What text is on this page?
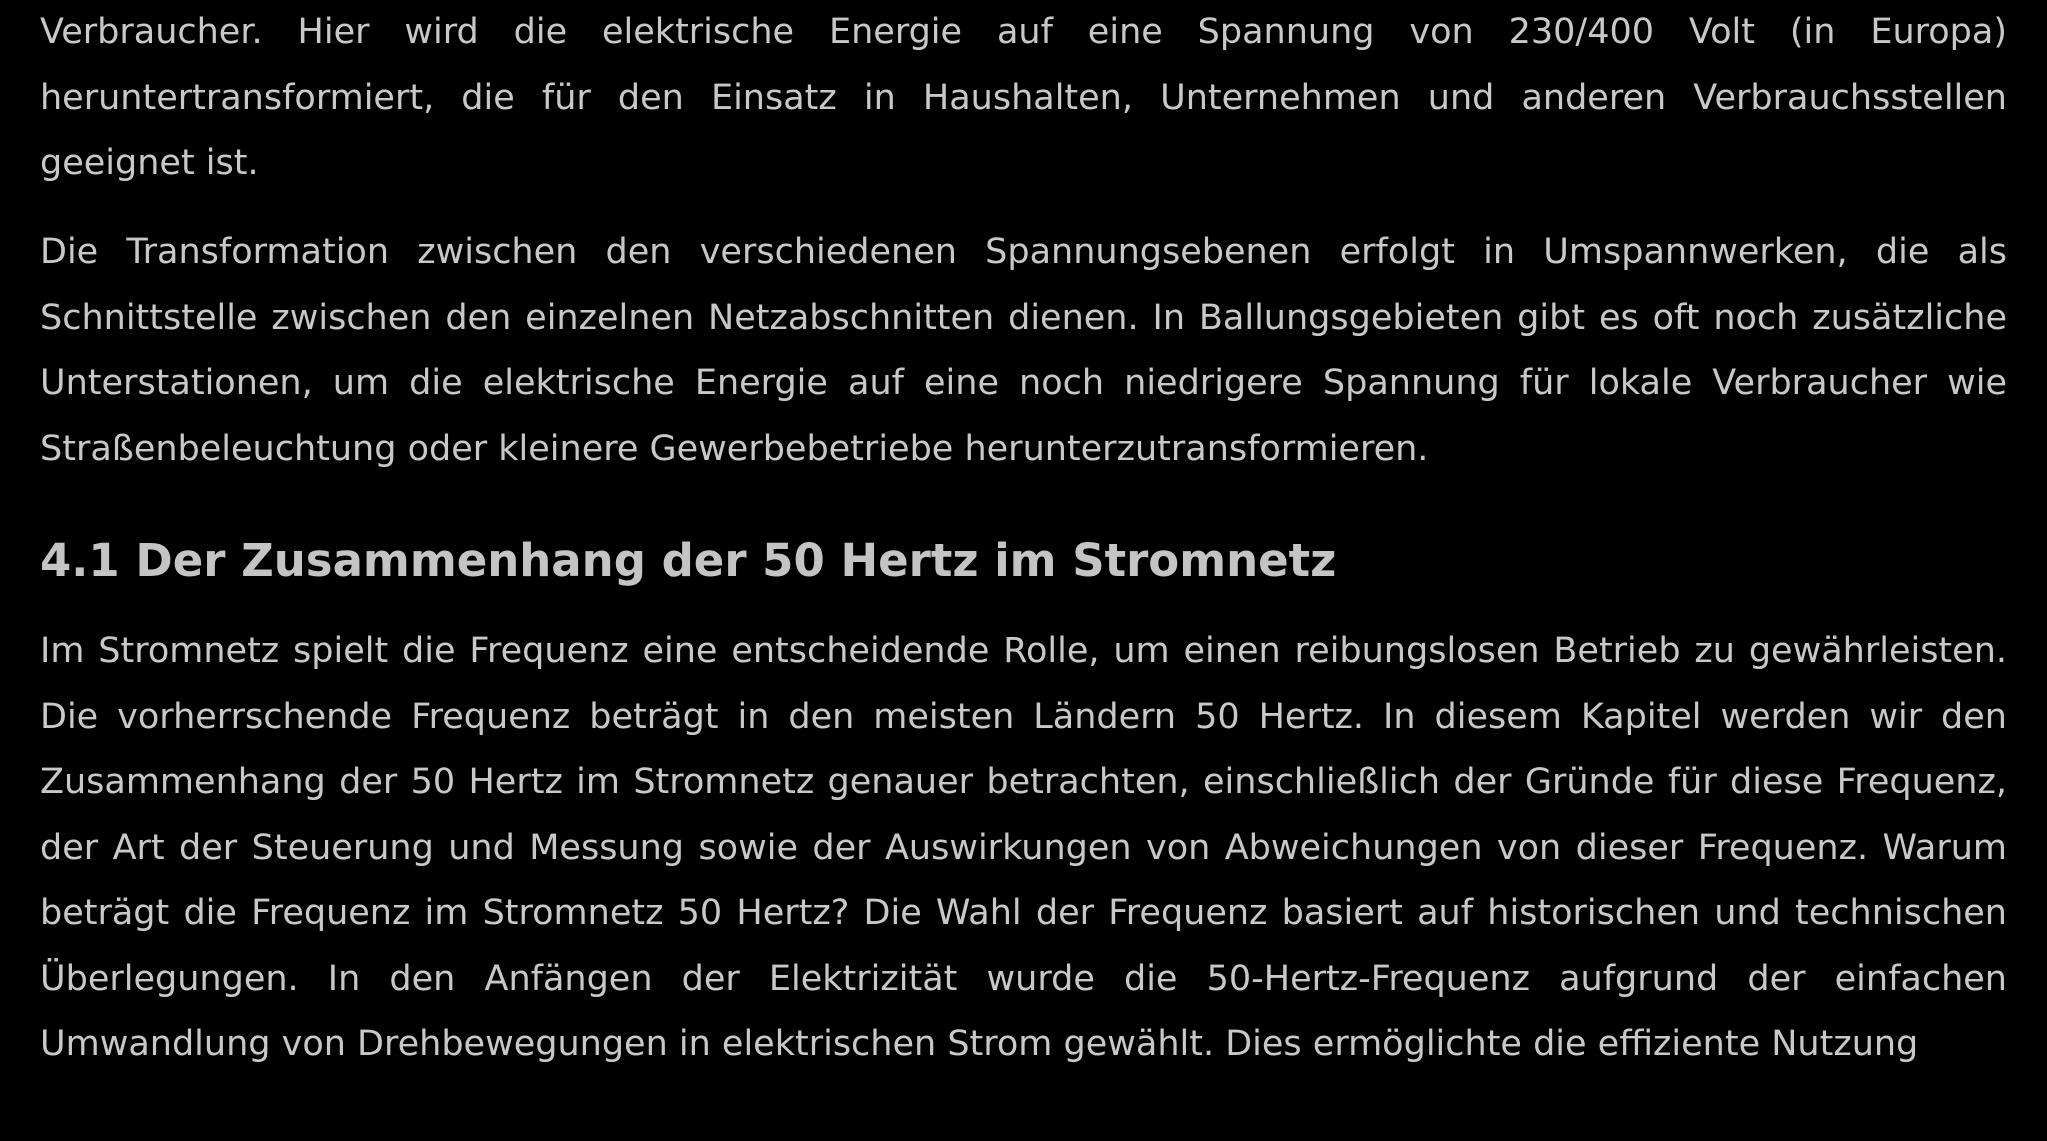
Verbraucher. Hier wird die elektrische Energie auf eine Spannung von 230/400 Volt (in Europa) heruntertransformiert, die für den Einsatz in Haushalten, Unternehmen und anderen Verbrauchsstellen geeignet ist.

Die Transformation zwischen den verschiedenen Spannungsebenen erfolgt in Umspannwerken, die als Schnittstelle zwischen den einzelnen Netzabschnitten dienen. In Ballungsgebieten gibt es oft noch zusätzliche Unterstationen, um die elektrische Energie auf eine noch niedrigere Spannung für lokale Verbraucher wie Straßenbeleuchtung oder kleinere Gewerbebetriebe herunterzutransformieren.

4.1 Der Zusammenhang der 50 Hertz im Stromnetz

Im Stromnetz spielt die Frequenz eine entscheidende Rolle, um einen reibungslosen Betrieb zu gewährleisten. Die vorherrschende Frequenz beträgt in den meisten Ländern 50 Hertz. In diesem Kapitel werden wir den Zusammenhang der 50 Hertz im Stromnetz genauer betrachten, einschließlich der Gründe für diese Frequenz, der Art der Steuerung und Messung sowie der Auswirkungen von Abweichungen von dieser Frequenz. Warum beträgt die Frequenz im Stromnetz 50 Hertz? Die Wahl der Frequenz basiert auf historischen und technischen Überlegungen. In den Anfängen der Elektrizität wurde die 50-Hertz-Frequenz aufgrund der einfachen Umwandlung von Drehbewegungen in elektrischen Strom gewählt. Dies ermöglichte die effiziente Nutzung
